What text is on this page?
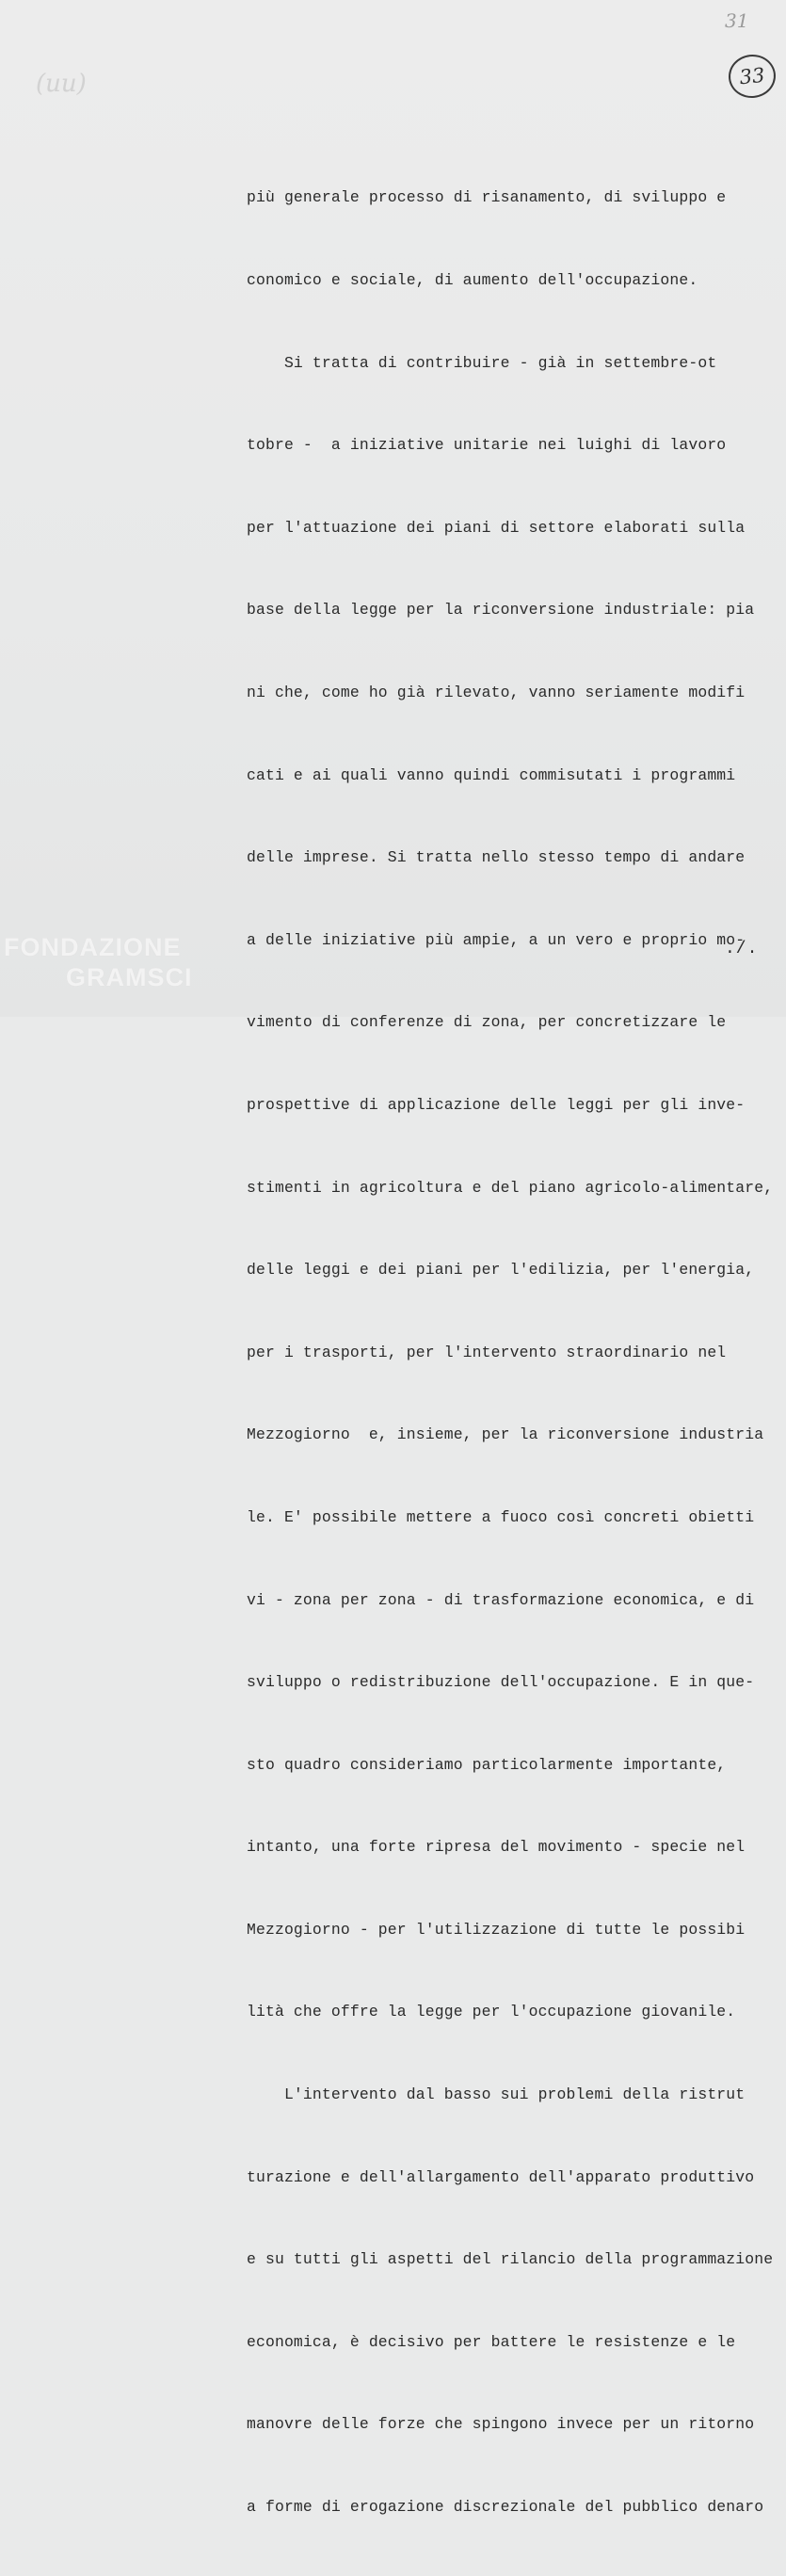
(uu)
31
33

più generale processo di risanamento, di sviluppo e

conomico e sociale, di aumento dell'occupazione.

Si tratta di contribuire - già in settembre-ot

tobre -  a iniziative unitarie nei luighi di lavoro

per l'attuazione dei piani di settore elaborati sulla

base della legge per la riconversione industriale: pia

ni che, come ho già rilevato, vanno seriamente modifi

cati e ai quali vanno quindi commisutati i programmi

delle imprese. Si tratta nello stesso tempo di andare

a delle iniziative più ampie, a un vero e proprio mo-

vimento di conferenze di zona, per concretizzare le

prospettive di applicazione delle leggi per gli inve-

stimenti in agricoltura e del piano agricolo-alimentare,

delle leggi e dei piani per l'edilizia, per l'energia,

per i trasporti, per l'intervento straordinario nel

Mezzogiorno  e, insieme, per la riconversione industria

le. E' possibile mettere a fuoco così concreti obietti

vi - zona per zona - di trasformazione economica, e di

sviluppo o redistribuzione dell'occupazione. E in que-

sto quadro consideriamo particolarmente importante,

intanto, una forte ripresa del movimento - specie nel

Mezzogiorno - per l'utilizzazione di tutte le possibi

lità che offre la legge per l'occupazione giovanile.

L'intervento dal basso sui problemi della ristrut

turazione e dell'allargamento dell'apparato produttivo

e su tutti gli aspetti del rilancio della programmazione

economica, è decisivo per battere le resistenze e le

manovre delle forze che spingono invece per un ritorno

a forme di erogazione discrezionale del pubblico denaro

./.
FONDAZIONE
GRAMSCI
